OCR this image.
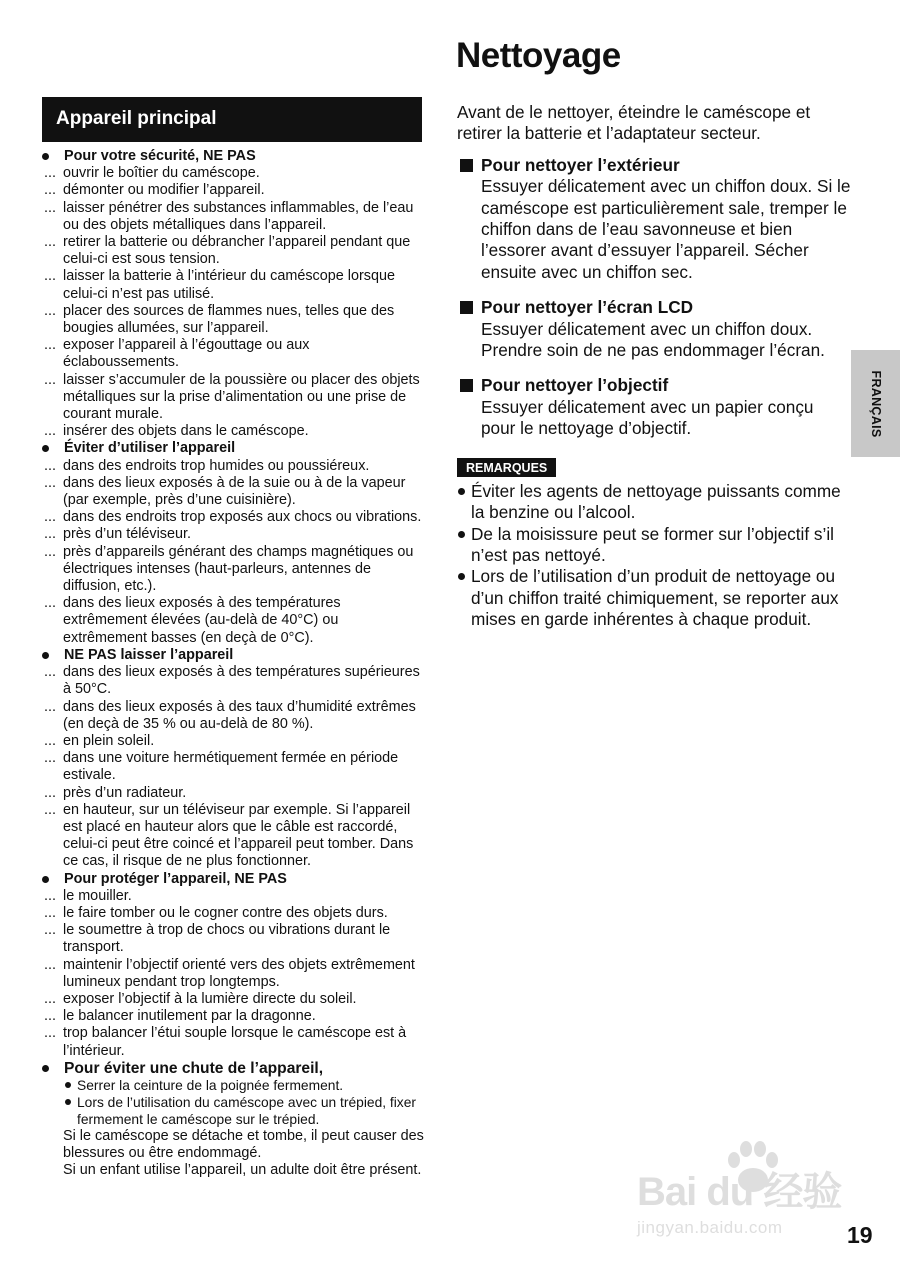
Nettoyage
Appareil principal
Pour votre sécurité, NE PAS
... ouvrir le boîtier du caméscope.
... démonter ou modifier l’appareil.
... laisser pénétrer des substances inflammables, de l’eau ou des objets métalliques dans l’appareil.
... retirer la batterie ou débrancher l’appareil pendant que celui-ci est sous tension.
... laisser la batterie à l’intérieur du caméscope lorsque celui-ci n’est pas utilisé.
... placer des sources de flammes nues, telles que des bougies allumées, sur l’appareil.
... exposer l’appareil à l’égouttage ou aux éclaboussements.
... laisser s’accumuler de la poussière ou placer des objets métalliques sur la prise d’alimentation ou une prise de courant murale.
... insérer des objets dans le caméscope.
Éviter d’utiliser l’appareil
... dans des endroits trop humides ou poussiéreux.
... dans des lieux exposés à de la suie ou à de la vapeur (par exemple, près d’une cuisinière).
... dans des endroits trop exposés aux chocs ou vibrations.
... près d’un téléviseur.
... près d’appareils générant des champs magnétiques ou électriques intenses (haut-parleurs, antennes de diffusion, etc.).
... dans des lieux exposés à des températures extrêmement élevées (au-delà de 40°C) ou extrêmement basses (en deçà de 0°C).
NE PAS laisser l’appareil
... dans des lieux exposés à des températures supérieures à 50°C.
... dans des lieux exposés à des taux d’humidité extrêmes (en deçà de 35 % ou au-delà de 80 %).
... en plein soleil.
... dans une voiture hermétiquement fermée en période estivale.
... près d’un radiateur.
... en hauteur, sur un téléviseur par exemple. Si l’appareil est placé en hauteur alors que le câble est raccordé, celui-ci peut être coincé et l’appareil peut tomber. Dans ce cas, il risque de ne plus fonctionner.
Pour protéger l’appareil, NE PAS
... le mouiller.
... le faire tomber ou le cogner contre des objets durs.
... le soumettre à trop de chocs ou vibrations durant le transport.
... maintenir l’objectif orienté vers des objets extrêmement lumineux pendant trop longtemps.
... exposer l’objectif à la lumière directe du soleil.
... le balancer inutilement par la dragonne.
... trop balancer l’étui souple lorsque le caméscope est à l’intérieur.
Pour éviter une chute de l’appareil,
Serrer la ceinture de la poignée fermement.
Lors de l’utilisation du caméscope avec un trépied, fixer fermement le caméscope sur le trépied.
Si le caméscope se détache et tombe, il peut causer des blessures ou être endommagé.
Si un enfant utilise l’appareil, un adulte doit être présent.

Avant de le nettoyer, éteindre le caméscope et retirer la batterie et l’adaptateur secteur.

Pour nettoyer l’extérieur
Essuyer délicatement avec un chiffon doux. Si le caméscope est particulièrement sale, tremper le chiffon dans de l’eau savonneuse et bien l’essorer avant d’essuyer l’appareil. Sécher ensuite avec un chiffon sec.
Pour nettoyer l’écran LCD
Essuyer délicatement avec un chiffon doux. Prendre soin de ne pas endommager l’écran.
Pour nettoyer l’objectif
Essuyer délicatement avec un papier conçu pour le nettoyage d’objectif.
REMARQUES
Éviter les agents de nettoyage puissants comme la benzine ou l’alcool.
De la moisissure peut se former sur l’objectif s’il n’est pas nettoyé.
Lors de l’utilisation d’un produit de nettoyage ou d’un chiffon traité chimiquement, se reporter aux mises en garde inhérentes à chaque produit.
FRANÇAIS
Bai du 经验
jingyan.baidu.com	19
